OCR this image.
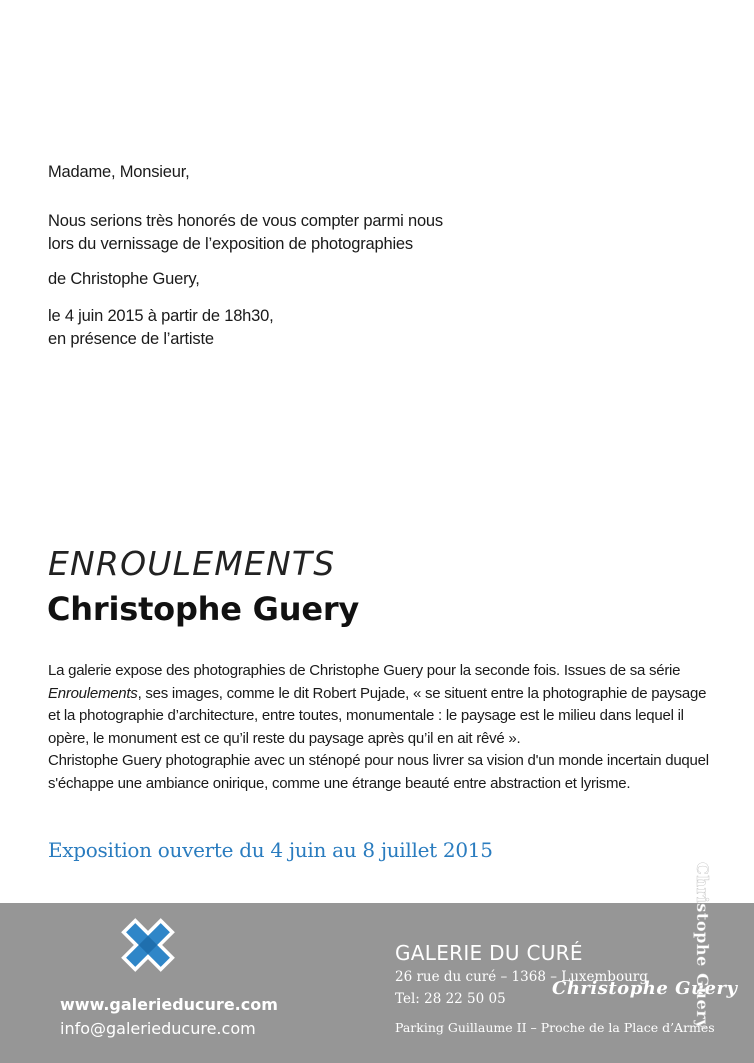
Madame, Monsieur,
Nous serions très honorés de vous compter parmi nous
lors du vernissage de l’exposition de photographies
de Christophe Guery,
le 4 juin 2015 à partir de 18h30,
en présence de l’artiste
ENROULEMENTS
Christophe Guery

La galerie expose des photographies de Christophe Guery pour la seconde fois. Issues de sa série Enroulements, ses images, comme le dit Robert Pujade, « se situent entre la photographie de paysage et la photographie d’architecture, entre toutes, monumentale : le paysage est le milieu dans lequel il opère, le monument est ce qu’il reste du paysage après qu’il en ait rêvé ».

Christophe Guery photographie avec un sténopé pour nous livrer sa vision d'un monde incertain duquel s'échappe une ambiance onirique, comme une étrange beauté entre abstraction et lyrisme.

Exposition ouverte du 4 juin au 8 juillet 2015
www.galerieducure.com
info@galerieducure.com
GALERIE DU CURÉ
26 rue du curé – 1368 – Luxembourg
Tel: 28 22 50 05
Parking Guillaume II – Proche de la Place d’Armes
Christophe Guery
Christophe Guery
